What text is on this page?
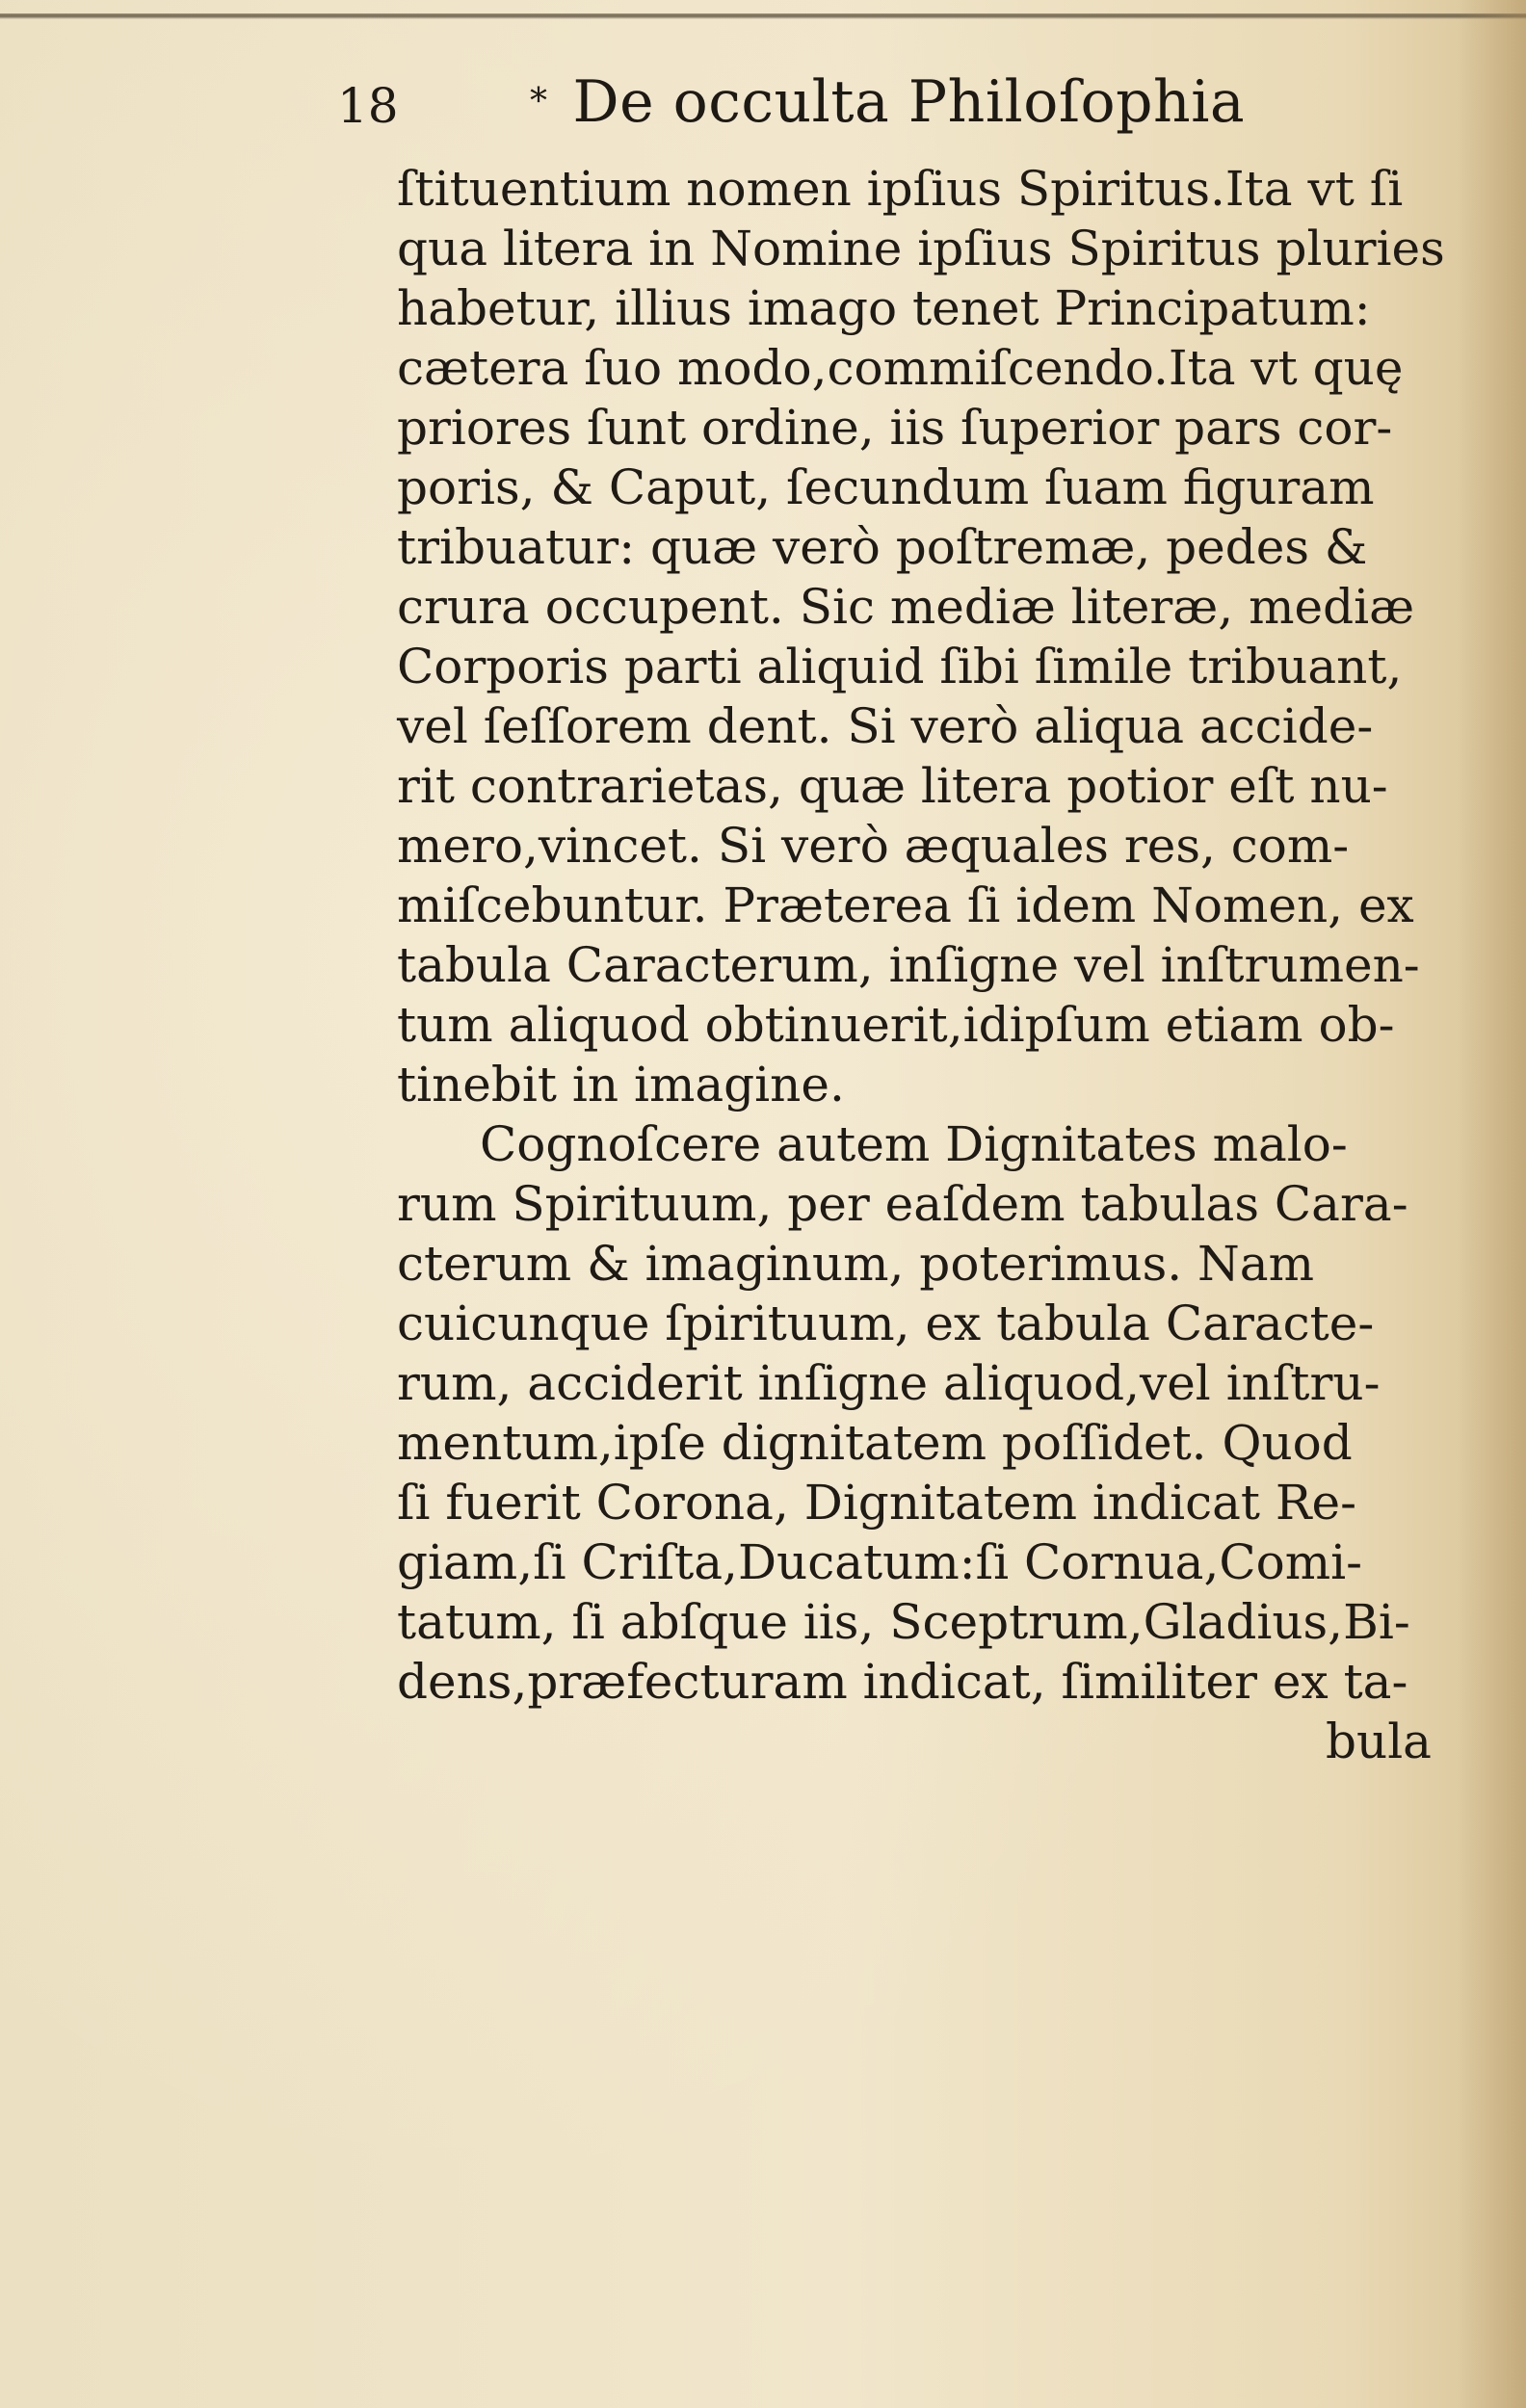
18	* De occulta Philoſophia
ſtituentium nomen ipſius Spiritus.Ita vt ſi
qua litera in Nomine ipſius Spiritus pluries
habetur, illius imago tenet Principatum:
cætera ſuo modo,commiſcendo.Ita vt quę
priores ſunt ordine, iis ſuperior pars cor-
poris, & Caput, ſecundum ſuam figuram
tribuatur: quæ verò poſtremæ, pedes &
crura occupent. Sic mediæ literæ, mediæ
Corporis parti aliquid ſibi ſimile tribuant,
vel ſeſſorem dent. Si verò aliqua accide-
rit contrarietas, quæ litera potior eſt nu-
mero,vincet. Si verò æquales res, com-
miſcebuntur. Præterea ſi idem Nomen, ex
tabula Caracterum, inſigne vel inſtrumen-
tum aliquod obtinuerit,idipſum etiam ob-
tinebit in imagine.
Cognoſcere autem Dignitates malo-
rum Spirituum, per eaſdem tabulas Cara-
cterum & imaginum, poterimus. Nam
cuicunque ſpirituum, ex tabula Caracte-
rum, acciderit inſigne aliquod,vel inſtru-
mentum,ipſe dignitatem poſſidet. Quod
ſi fuerit Corona, Dignitatem indicat Re-
giam,ſi Criſta,Ducatum:ſi Cornua,Comi-
tatum, ſi abſque iis, Sceptrum,Gladius,Bi-
dens,præfecturam indicat, ſimiliter ex ta-
bula
